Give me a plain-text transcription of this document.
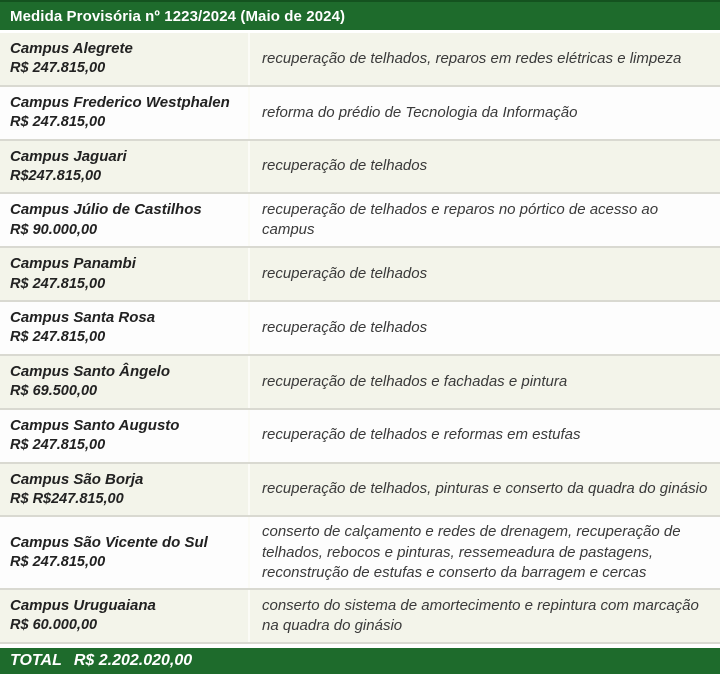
Medida Provisória nº 1223/2024 (Maio de 2024)
Campus Alegrete
R$ 247.815,00
recuperação de telhados, reparos em redes elétricas e limpeza
Campus Frederico Westphalen
R$ 247.815,00
reforma do prédio de Tecnologia da Informação
Campus Jaguari
R$247.815,00
recuperação de telhados
Campus Júlio de Castilhos
R$ 90.000,00
recuperação de telhados e reparos no pórtico de acesso ao campus
Campus Panambi
R$ 247.815,00
recuperação de telhados
Campus Santa Rosa
R$ 247.815,00
recuperação de telhados
Campus Santo Ângelo
R$ 69.500,00
recuperação de telhados e fachadas e pintura
Campus Santo Augusto
R$ 247.815,00
recuperação de telhados e reformas em estufas
Campus São Borja
R$ R$247.815,00
recuperação de telhados, pinturas e conserto da quadra do ginásio
Campus São Vicente do Sul
R$ 247.815,00
conserto de calçamento e redes de drenagem, recuperação de telhados, rebocos e pinturas, ressemeadura de pastagens, reconstrução de estufas e conserto da barragem e cercas
Campus Uruguaiana
R$ 60.000,00
conserto do sistema de amortecimento e repintura com marcação na quadra do ginásio
TOTAL R$ 2.202.020,00
